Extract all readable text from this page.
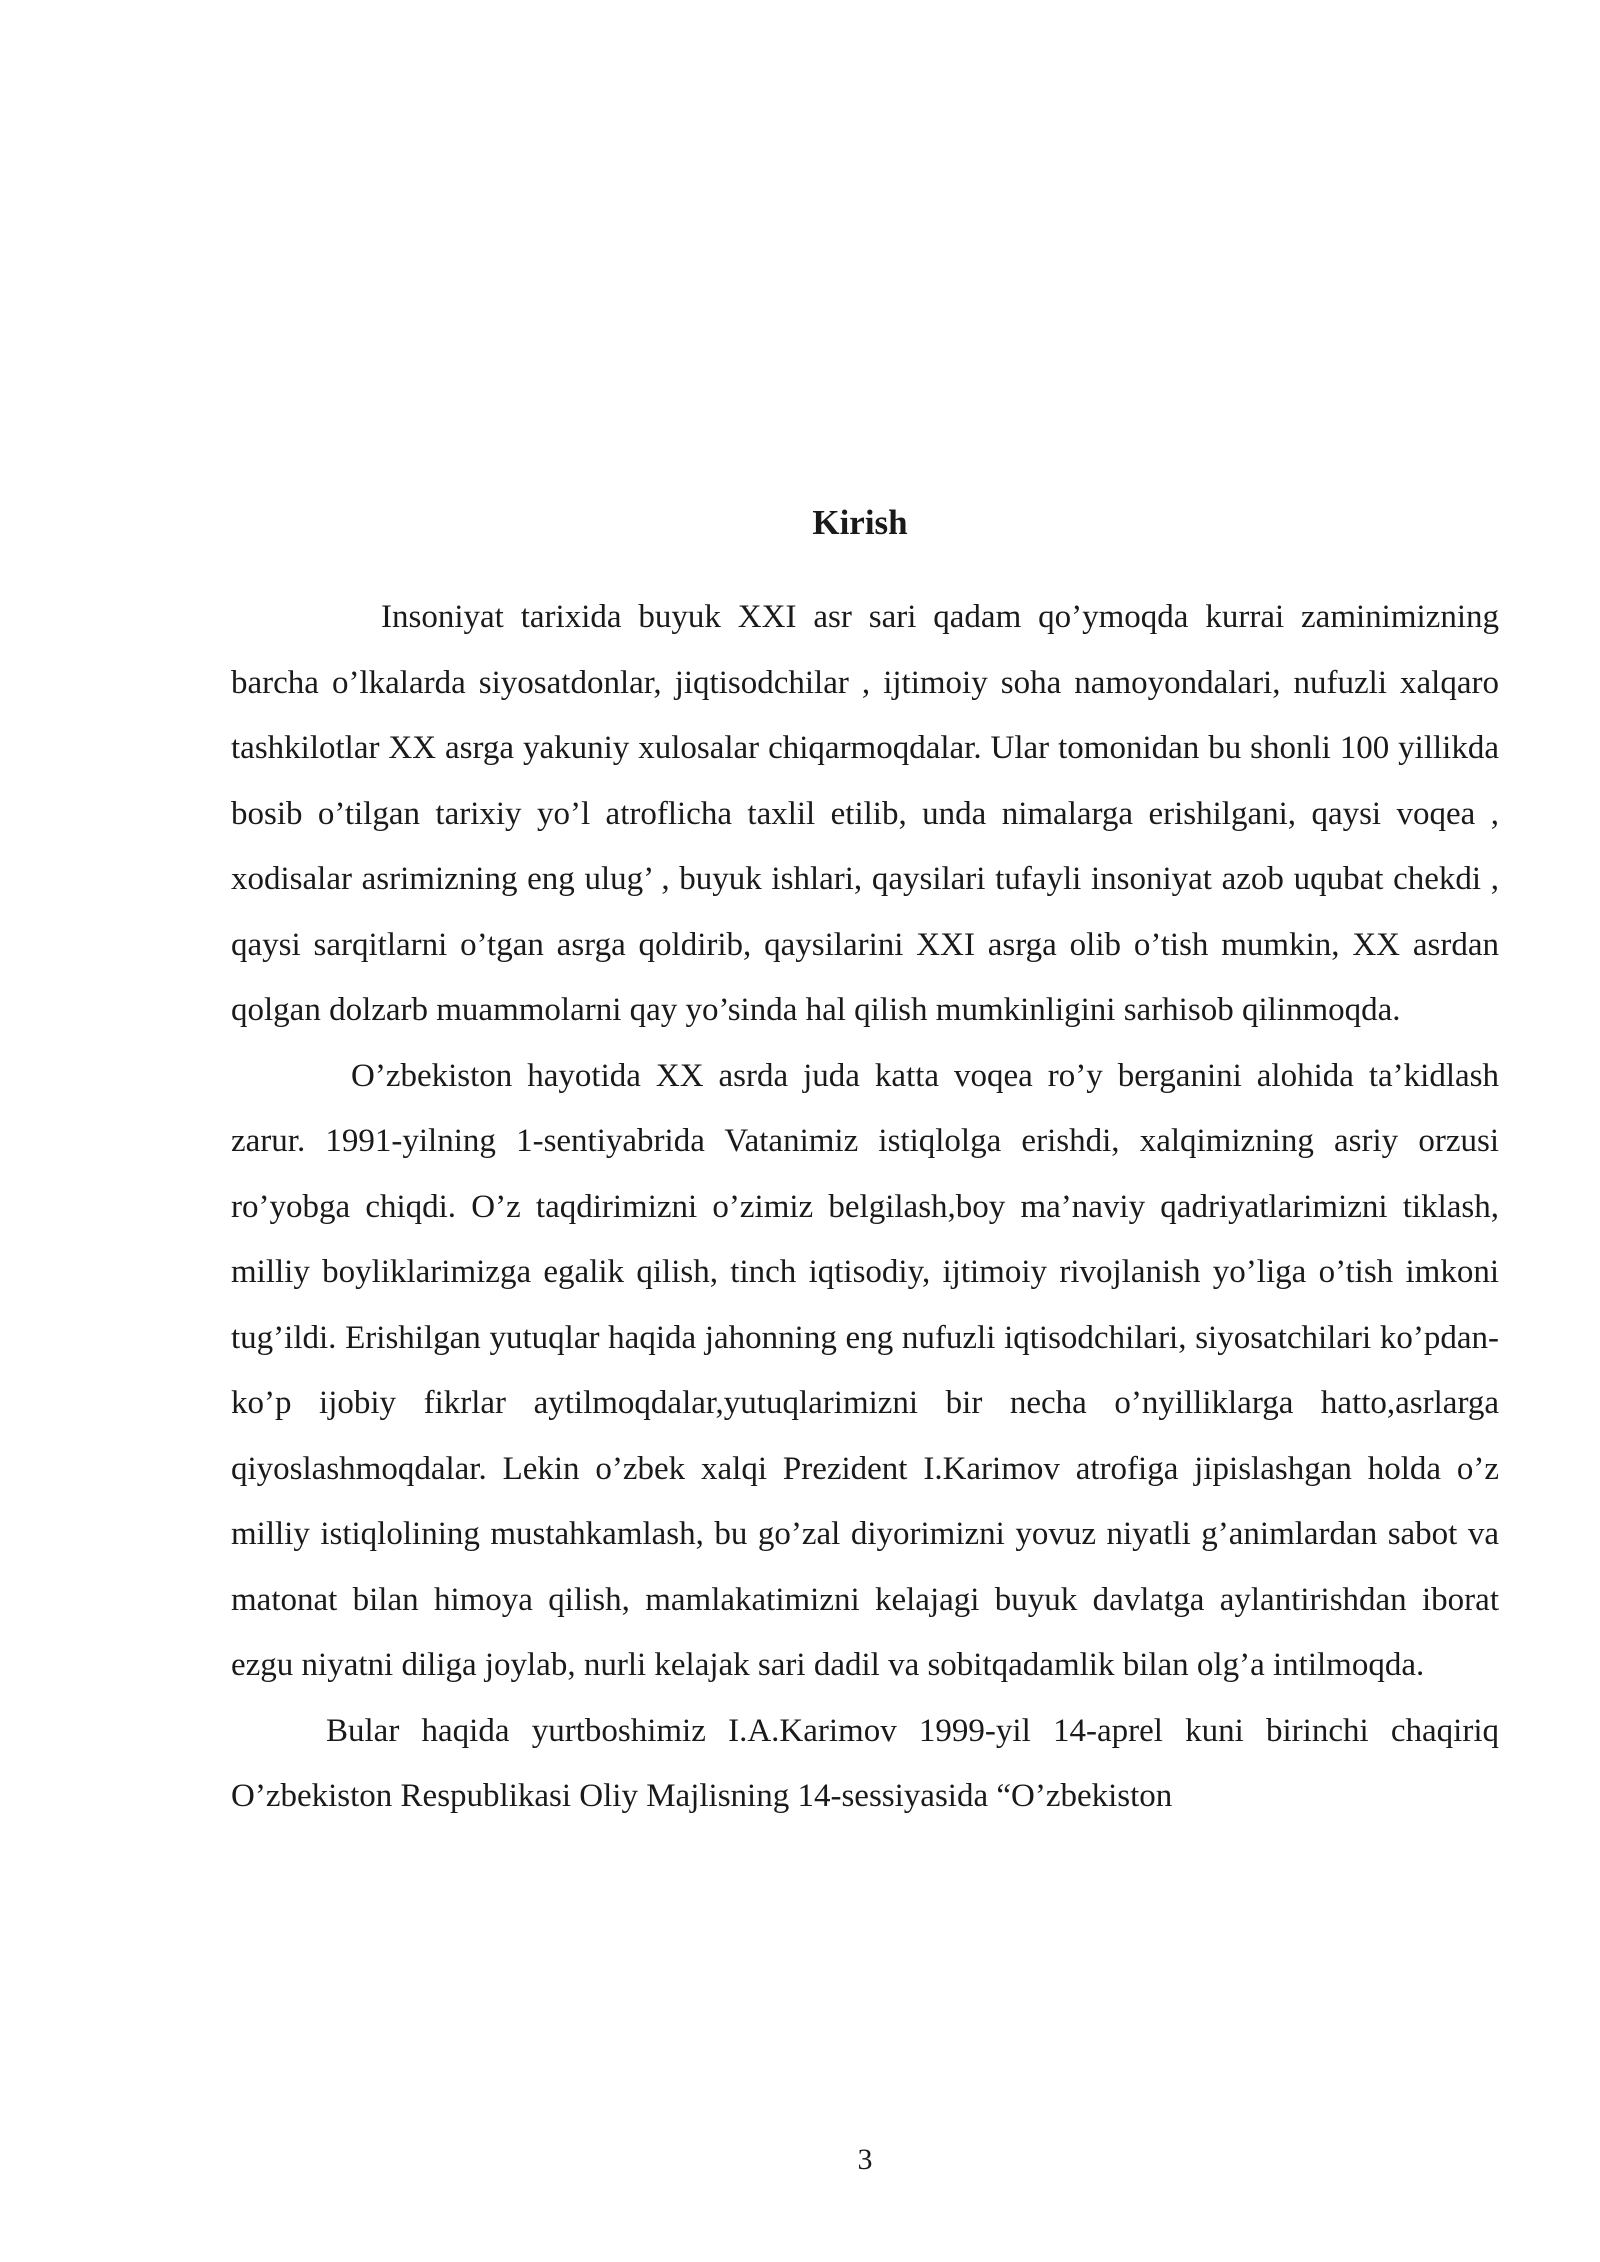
Kirish

Insoniyat tarixida buyuk XXI asr sari qadam qo’ymoqda kurrai zaminimizning barcha o’lkalarda siyosatdonlar, jiqtisodchilar , ijtimoiy soha namoyondalari, nufuzli xalqaro tashkilotlar XX asrga yakuniy xulosalar chiqarmoqdalar. Ular tomonidan bu shonli 100 yillikda bosib o’tilgan tarixiy yo’l atroflicha taxlil etilib, unda nimalarga erishilgani, qaysi voqea , xodisalar asrimizning eng ulug’ , buyuk ishlari, qaysilari tufayli insoniyat azob uqubat chekdi , qaysi sarqitlarni o’tgan asrga qoldirib, qaysilarini XXI asrga olib o’tish mumkin, XX asrdan qolgan dolzarb muammolarni qay yo’sinda hal qilish mumkinligini sarhisob qilinmoqda.

O’zbekiston hayotida XX asrda juda katta voqea ro’y berganini alohida ta’kidlash zarur. 1991-yilning 1-sentiyabrida Vatanimiz istiqlolga erishdi, xalqimizning asriy orzusi ro’yobga chiqdi. O’z taqdirimizni o’zimiz belgilash,boy ma’naviy qadriyatlarimizni tiklash, milliy boyliklarimizga egalik qilish, tinch iqtisodiy, ijtimoiy rivojlanish yo’liga o’tish imkoni tug’ildi. Erishilgan yutuqlar haqida jahonning eng nufuzli iqtisodchilari, siyosatchilari ko’pdan-ko’p ijobiy fikrlar aytilmoqdalar,yutuqlarimizni bir necha o’nyilliklarga hatto,asrlarga qiyoslashmoqdalar. Lekin o’zbek xalqi Prezident I.Karimov atrofiga jipislashgan holda o’z milliy istiqlolining mustahkamlash, bu go’zal diyorimizni yovuz niyatli g’animlardan sabot va matonat bilan himoya qilish, mamlakatimizni kelajagi buyuk davlatga aylantirishdan iborat ezgu niyatni diliga joylab, nurli kelajak sari dadil va sobitqadamlik bilan olg’a intilmoqda.

Bular haqida yurtboshimiz I.A.Karimov 1999-yil 14-aprel kuni birinchi chaqiriq O’zbekiston Respublikasi Oliy Majlisning 14-sessiyasida “O’zbekiston

3
